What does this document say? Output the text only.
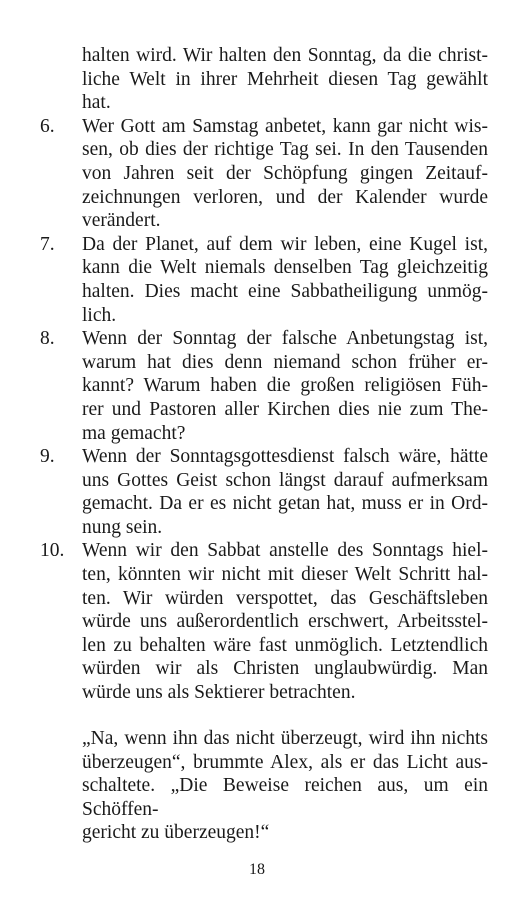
halten wird. Wir halten den Sonntag, da die christ-
liche Welt in ihrer Mehrheit diesen Tag gewählt
hat.
6.	Wer Gott am Samstag anbetet, kann gar nicht wis-
sen, ob dies der richtige Tag sei. In den Tausenden
von Jahren seit der Schöpfung gingen Zeitauf-
zeichnungen verloren, und der Kalender wurde
verändert.
7.	Da der Planet, auf dem wir leben, eine Kugel ist,
kann die Welt niemals denselben Tag gleichzeitig
halten. Dies macht eine Sabbatheiligung unmög-
lich.
8.	Wenn der Sonntag der falsche Anbetungstag ist,
warum hat dies denn niemand schon früher er-
kannt? Warum haben die großen religiösen Füh-
rer und Pastoren aller Kirchen dies nie zum The-
ma gemacht?
9.	Wenn der Sonntagsgottesdienst falsch wäre, hätte
uns Gottes Geist schon längst darauf aufmerksam
gemacht. Da er es nicht getan hat, muss er in Ord-
nung sein.
10. Wenn wir den Sabbat anstelle des Sonntags hiel-
ten, könnten wir nicht mit dieser Welt Schritt hal-
ten. Wir würden verspottet, das Geschäftsleben
würde uns außerordentlich erschwert, Arbeitsstel-
len zu behalten wäre fast unmöglich. Letztendlich
würden wir als Christen unglaubwürdig. Man
würde uns als Sektierer betrachten.

„Na, wenn ihn das nicht überzeugt, wird ihn nichts
überzeugen“, brummte Alex, als er das Licht aus-
schaltete. „Die Beweise reichen aus, um ein Schöffen-
gericht zu überzeugen!“

18
